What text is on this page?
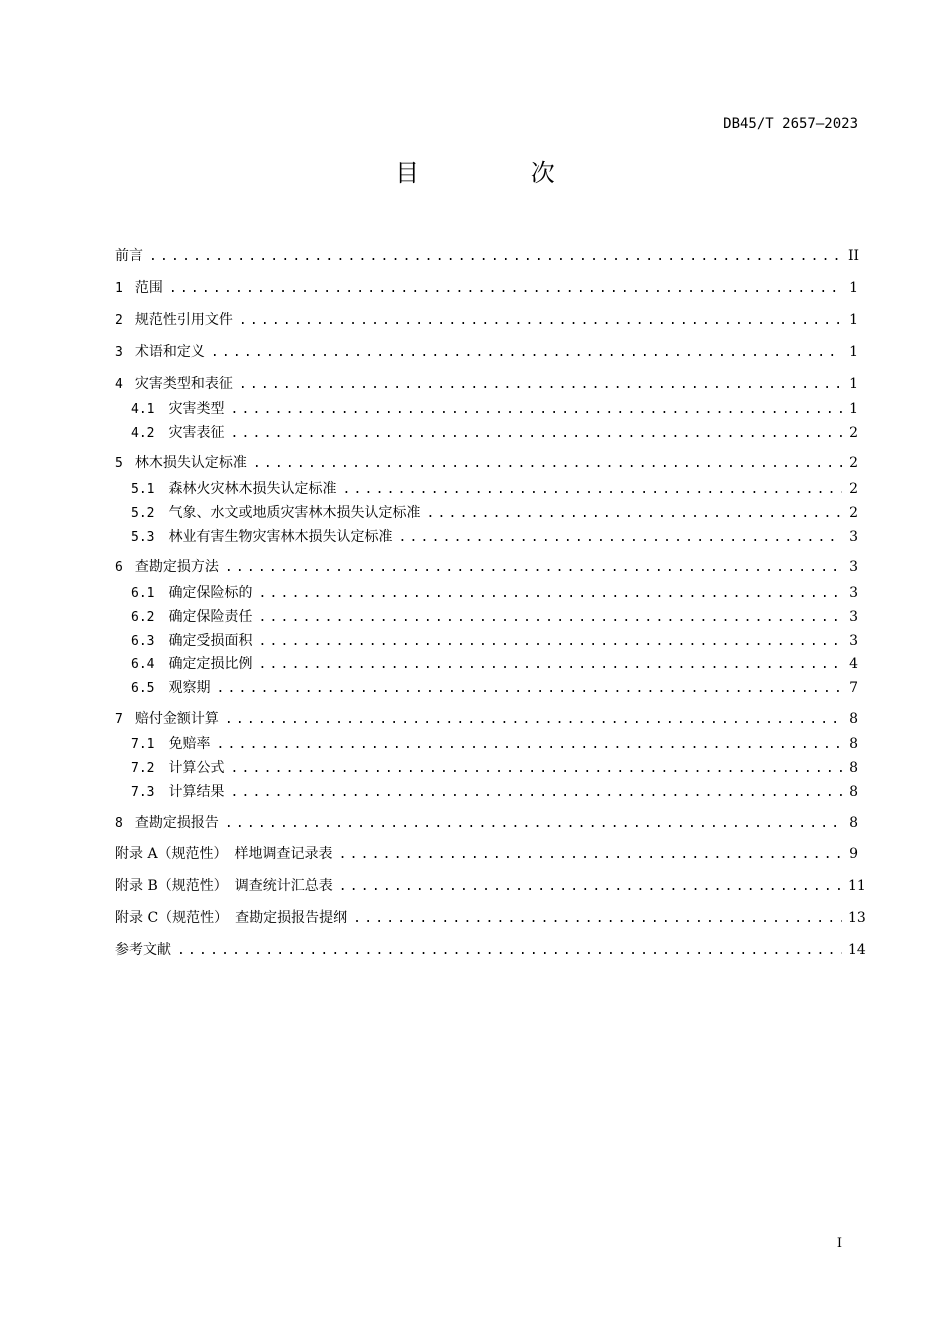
DB45/T 2657—2023
目 次
前言 .....	II
1 范围 .....	1
2 规范性引用文件 .....	1
3 术语和定义 .....	1
4 灾害类型和表征 .....	1
4.1 灾害类型 .....	1
4.2 灾害表征 .....	2
5 林木损失认定标准 .....	2
5.1 森林火灾林木损失认定标准 .....	2
5.2 气象、水文或地质灾害林木损失认定标准 .....	2
5.3 林业有害生物灾害林木损失认定标准 .....	3
6 查勘定损方法 .....	3
6.1 确定保险标的 .....	3
6.2 确定保险责任 .....	3
6.3 确定受损面积 .....	3
6.4 确定定损比例 .....	4
6.5 观察期 .....	7
7 赔付金额计算 .....	8
7.1 免赔率 .....	8
7.2 计算公式 .....	8
7.3 计算结果 .....	8
8 查勘定损报告 .....	8
附录 A（规范性）　样地调查记录表 .....	9
附录 B（规范性）　调查统计汇总表 .....	11
附录 C（规范性）　查勘定损报告提纲 .....	13
参考文献 .....	14
I
